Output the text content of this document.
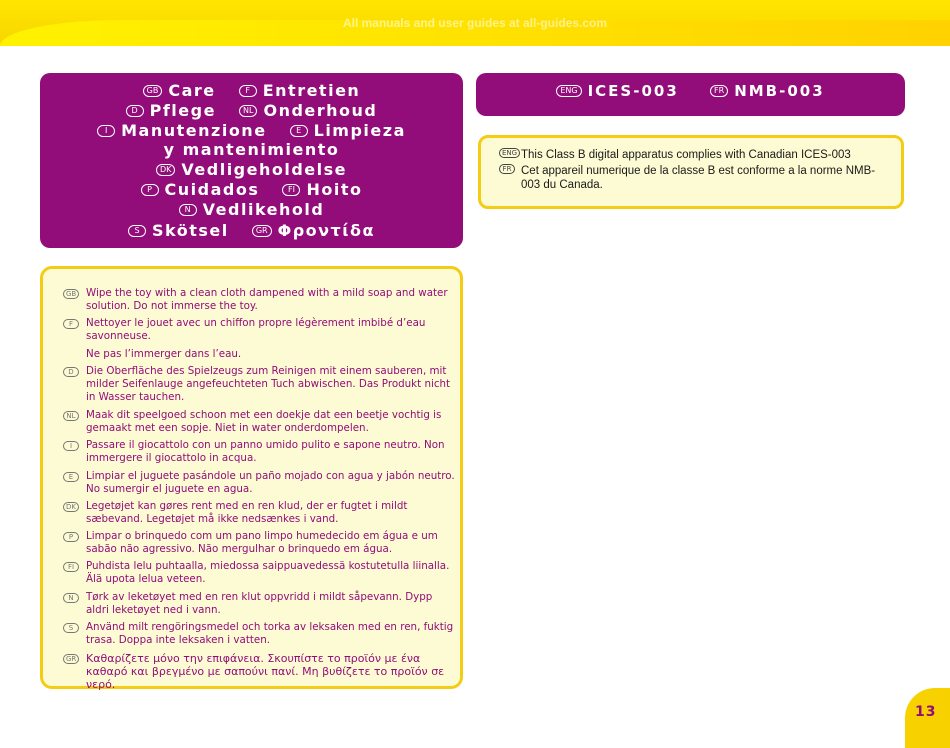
All manuals and user guides at all-guides.com
GB Care	F Entretien
D Pflege	NL Onderhoud
I Manutenzione	E Limpieza
y mantenimiento
DK Vedligeholdelse
P Cuidados	FI Hoito
N Vedlikehold
S Skötsel	GR Φροντίδα
ENG ICES-003	FR NMB-003
ENG This Class B digital apparatus complies with Canadian ICES-003
FR Cet appareil numerique de la classe B est conforme a la norme NMB-003 du Canada.
GB Wipe the toy with a clean cloth dampened with a mild soap and water solution. Do not immerse the toy.
F	Nettoyer le jouet avec un chiffon propre légèrement imbibé d’eau savonneuse.
Ne pas l’immerger dans l’eau.
D	Die Oberfläche des Spielzeugs zum Reinigen mit einem sauberen, mit milder Seifenlauge angefeuchteten Tuch abwischen. Das Produkt nicht in Wasser tauchen.
NL	Maak dit speelgoed schoon met een doekje dat een beetje vochtig is gemaakt met een sopje. Niet in water onderdompelen.
I	Passare il giocattolo con un panno umido pulito e sapone neutro. Non immergere il giocattolo in acqua.
E	Limpiar el juguete pasándole un paño mojado con agua y jabón neutro. No sumergir el juguete en agua.
DK Legetøjet kan gøres rent med en ren klud, der er fugtet i mildt sæbevand. Legetøjet må ikke nedsænkes i vand.
P	Limpar o brinquedo com um pano limpo humedecido em água e um sabão não agressivo. Não mergulhar o brinquedo em água.
FI	Puhdista lelu puhtaalla, miedossa saippuavedessä kostutetulla liinalla. Älä upota lelua veteen.
N	Tørk av leketøyet med en ren klut oppvridd i mildt såpevann. Dypp aldri leketøyet ned i vann.
S	Använd milt rengöringsmedel och torka av leksaken med en ren, fuktig trasa. Doppa inte leksaken i vatten.
GR Καθαρίζετε μόνο την επιφάνεια. Σκουπίστε το προϊόν με ένα καθαρό και βρεγμένο με σαπούνι πανί. Μη βυθίζετε το προϊόν σε νερό.
13
